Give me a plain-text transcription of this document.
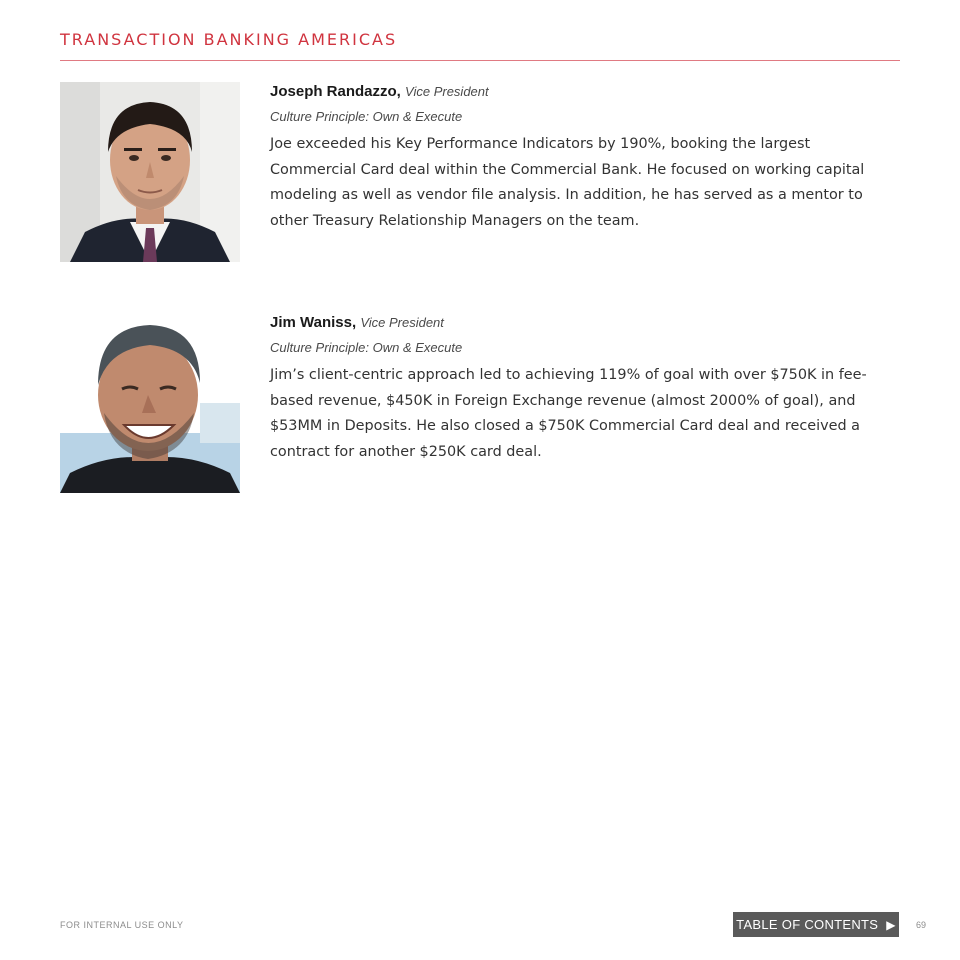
TRANSACTION BANKING AMERICAS
Joseph Randazzo, Vice President
Culture Principle: Own & Execute
Joe exceeded his Key Performance Indicators by 190%, booking the largest Commercial Card deal within the Commercial Bank. He focused on working capital modeling as well as vendor file analysis. In addition, he has served as a mentor to other Treasury Relationship Managers on the team.
Jim Waniss, Vice President
Culture Principle: Own & Execute
Jim’s client-centric approach led to achieving 119% of goal with over $750K in fee-based revenue, $450K in Foreign Exchange revenue (almost 2000% of goal), and $53MM in Deposits. He also closed a $750K Commercial Card deal and received a contract for another $250K card deal.
FOR INTERNAL USE ONLY	TABLE OF CONTENTS ▶ 69
